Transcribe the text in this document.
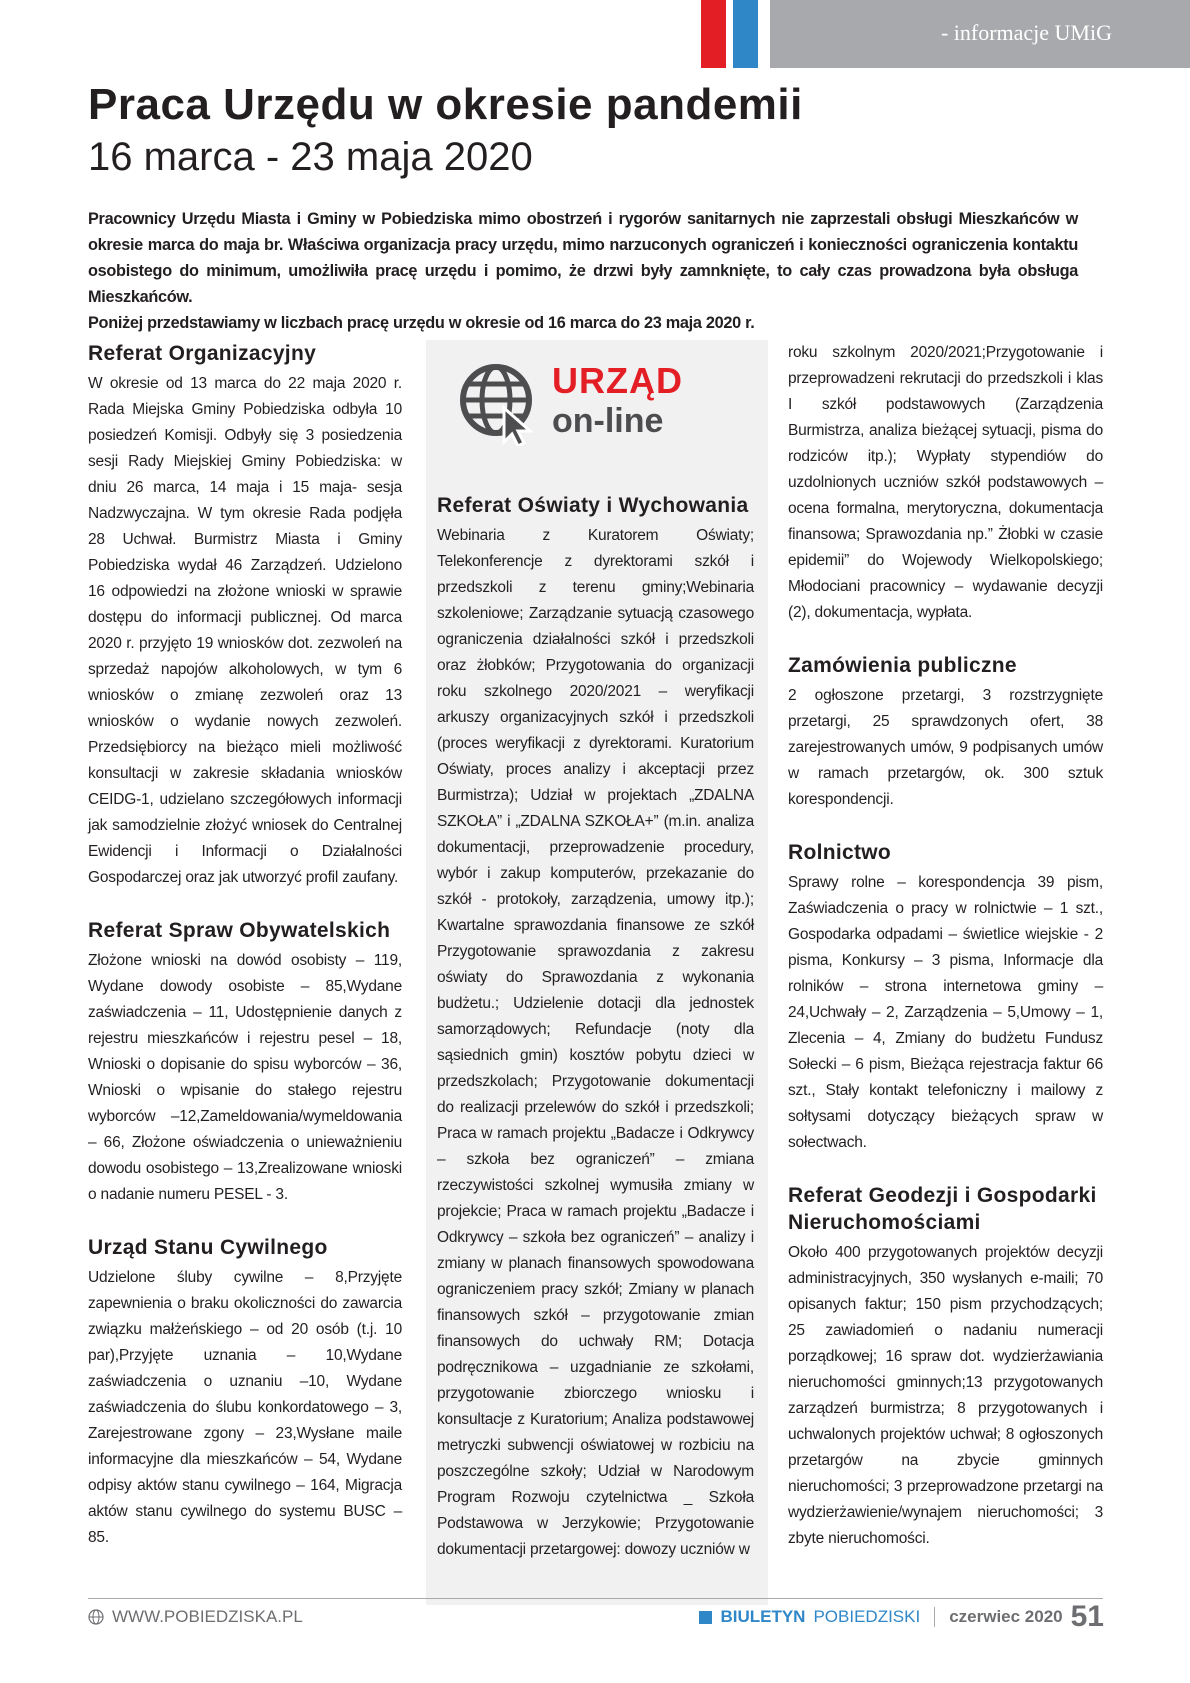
- informacje UMiG
Praca Urzędu w okresie pandemii
16 marca - 23 maja 2020

Pracownicy Urzędu Miasta i Gminy w Pobiedziska mimo obostrzeń i rygorów sanitarnych nie zaprzestali obsługi Mieszkańców w okresie marca do maja br. Właściwa organizacja pracy urzędu, mimo narzuconych ograniczeń i konieczności ograniczenia kontaktu osobistego do minimum, umożliwiła pracę urzędu i pomimo, że drzwi były zamnknięte, to cały czas prowadzona była obsługa Mieszkańców.

Poniżej przedstawiamy w liczbach pracę urzędu w okresie od 16 marca do 23 maja 2020 r.

URZĄD
on-line
Referat Organizacyjny

W okresie od 13 marca do 22 maja 2020 r. Rada Miejska Gminy Pobiedziska odbyła 10 posiedzeń Komisji. Odbyły się 3 posiedzenia sesji Rady Miejskiej Gminy Pobiedziska: w dniu 26 marca, 14 maja i 15 maja- sesja Nadzwyczajna. W tym okresie Rada podjęła 28 Uchwał. Burmistrz Miasta i Gminy Pobiedziska wydał 46 Zarządzeń. Udzielono 16 odpowiedzi na złożone wnioski w sprawie dostępu do informacji publicznej. Od marca 2020 r. przyjęto 19 wniosków dot. zezwoleń na sprzedaż napojów alkoholowych, w tym 6 wniosków o zmianę zezwoleń oraz 13 wniosków o wydanie nowych zezwoleń. Przedsiębiorcy na bieżąco mieli możliwość konsultacji w zakresie składania wniosków CEIDG-1, udzielano szczegółowych informacji jak samodzielnie złożyć wniosek do Centralnej Ewidencji i Informacji o Działalności Gospodarczej oraz jak utworzyć profil zaufany.

Referat Spraw Obywatelskich

Złożone wnioski na dowód osobisty – 119, Wydane dowody osobiste – 85,Wydane zaświadczenia – 11, Udostępnienie danych z rejestru mieszkańców i rejestru pesel – 18, Wnioski o dopisanie do spisu wyborców – 36, Wnioski o wpisanie do stałego rejestru wyborców –12,Zameldowania/wymeldowania – 66, Złożone oświadczenia o unieważnieniu dowodu osobistego – 13,Zrealizowane wnioski o nadanie numeru PESEL - 3.

Urząd Stanu Cywilnego

Udzielone śluby cywilne – 8,Przyjęte zapewnienia o braku okoliczności do zawarcia związku małżeńskiego – od 20 osób (t.j. 10 par),Przyjęte uznania – 10,Wydane zaświadczenia o uznaniu –10, Wydane zaświadczenia do ślubu konkordatowego – 3, Zarejestrowane zgony – 23,Wysłane maile informacyjne dla mieszkańców – 54, Wydane odpisy aktów stanu cywilnego – 164, Migracja aktów stanu cywilnego do systemu BUSC – 85.

Referat Oświaty i Wychowania

Webinaria z Kuratorem Oświaty; Telekonferencje z dyrektorami szkół i przedszkoli z terenu gminy;Webinaria szkoleniowe; Zarządzanie sytuacją czasowego ograniczenia działalności szkół i przedszkoli oraz żłobków; Przygotowania do organizacji roku szkolnego 2020/2021 – weryfikacji arkuszy organizacyjnych szkół i przedszkoli (proces weryfikacji z dyrektorami. Kuratorium Oświaty, proces analizy i akceptacji przez Burmistrza); Udział w projektach „ZDALNA SZKOŁA” i „ZDALNA SZKOŁA+” (m.in. analiza dokumentacji, przeprowadzenie procedury, wybór i zakup komputerów, przekazanie do szkół - protokoły, zarządzenia, umowy itp.); Kwartalne sprawozdania finansowe ze szkół Przygotowanie sprawozdania z zakresu oświaty do Sprawozdania z wykonania budżetu.; Udzielenie dotacji dla jednostek samorządowych; Refundacje (noty dla sąsiednich gmin) kosztów pobytu dzieci w przedszkolach; Przygotowanie dokumentacji do realizacji przelewów do szkół i przedszkoli; Praca w ramach projektu „Badacze i Odkrywcy – szkoła bez ograniczeń” – zmiana rzeczywistości szkolnej wymusiła zmiany w projekcie; Praca w ramach projektu „Badacze i Odkrywcy – szkoła bez ograniczeń” – analizy i zmiany w planach finansowych spowodowana ograniczeniem pracy szkół; Zmiany w planach finansowych szkół – przygotowanie zmian finansowych do uchwały RM; Dotacja podręcznikowa – uzgadnianie ze szkołami, przygotowanie zbiorczego wniosku i konsultacje z Kuratorium; Analiza podstawowej metryczki subwencji oświatowej w rozbiciu na poszczególne szkoły; Udział w Narodowym Program Rozwoju czytelnictwa _ Szkoła Podstawowa w Jerzykowie; Przygotowanie dokumentacji przetargowej: dowozy uczniów w

roku szkolnym 2020/2021;Przygotowanie i przeprowadzeni rekrutacji do przedszkoli i klas I szkół podstawowych (Zarządzenia Burmistrza, analiza bieżącej sytuacji, pisma do rodziców itp.); Wypłaty stypendiów do uzdolnionych uczniów szkół podstawowych – ocena formalna, merytoryczna, dokumentacja finansowa; Sprawozdania np.” Żłobki w czasie epidemii” do Wojewody Wielkopolskiego; Młodociani pracownicy – wydawanie decyzji (2), dokumentacja, wypłata.

Zamówienia publiczne

2 ogłoszone przetargi, 3 rozstrzygnięte przetargi, 25 sprawdzonych ofert, 38 zarejestrowanych umów, 9 podpisanych umów w ramach przetargów, ok. 300 sztuk korespondencji.

Rolnictwo

Sprawy rolne – korespondencja 39 pism, Zaświadczenia o pracy w rolnictwie – 1 szt., Gospodarka odpadami – świetlice wiejskie - 2 pisma, Konkursy – 3 pisma, Informacje dla rolników – strona internetowa gminy – 24,Uchwały – 2, Zarządzenia – 5,Umowy – 1, Zlecenia – 4, Zmiany do budżetu Fundusz Sołecki – 6 pism, Bieżąca rejestracja faktur 66 szt., Stały kontakt telefoniczny i mailowy z sołtysami dotyczący bieżących spraw w sołectwach.

Referat Geodezji i Gospodarki Nieruchomościami

Około 400 przygotowanych projektów decyzji administracyjnych, 350 wysłanych e-maili; 70 opisanych faktur; 150 pism przychodzących; 25 zawiadomień o nadaniu numeracji porządkowej; 16 spraw dot. wydzierżawiania nieruchomości gminnych;13 przygotowanych zarządzeń burmistrza; 8 przygotowanych i uchwalonych projektów uchwał; 8 ogłoszonych przetargów na zbycie gminnych nieruchomości; 3 przeprowadzone przetargi na wydzierżawienie/wynajem nieruchomości; 3 zbyte nieruchomości.

WWW.POBIEDZISKA.PL	BIULETYN POBIEDZISKI czerwiec 2020 51
